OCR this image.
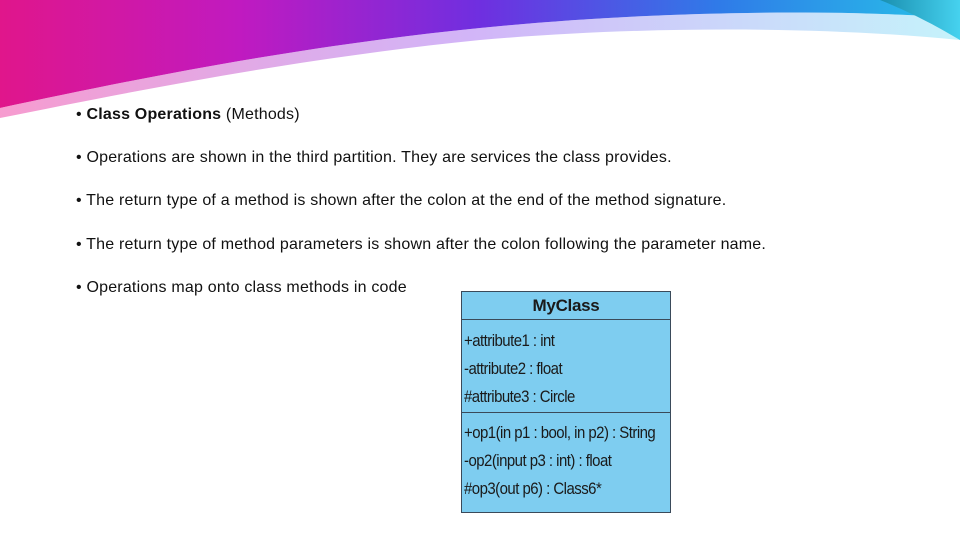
• Class Operations (Methods)
• Operations are shown in the third partition. They are services the class provides.
• The return type of a method is shown after the colon at the end of the method signature.
• The return type of method parameters is shown after the colon following the parameter name.
• Operations map onto class methods in code
MyClass
+attribute1 : int
-attribute2 : float
#attribute3 : Circle
+op1(in p1 : bool, in p2) : String
-op2(input p3 : int) : float
#op3(out p6) : Class6*
